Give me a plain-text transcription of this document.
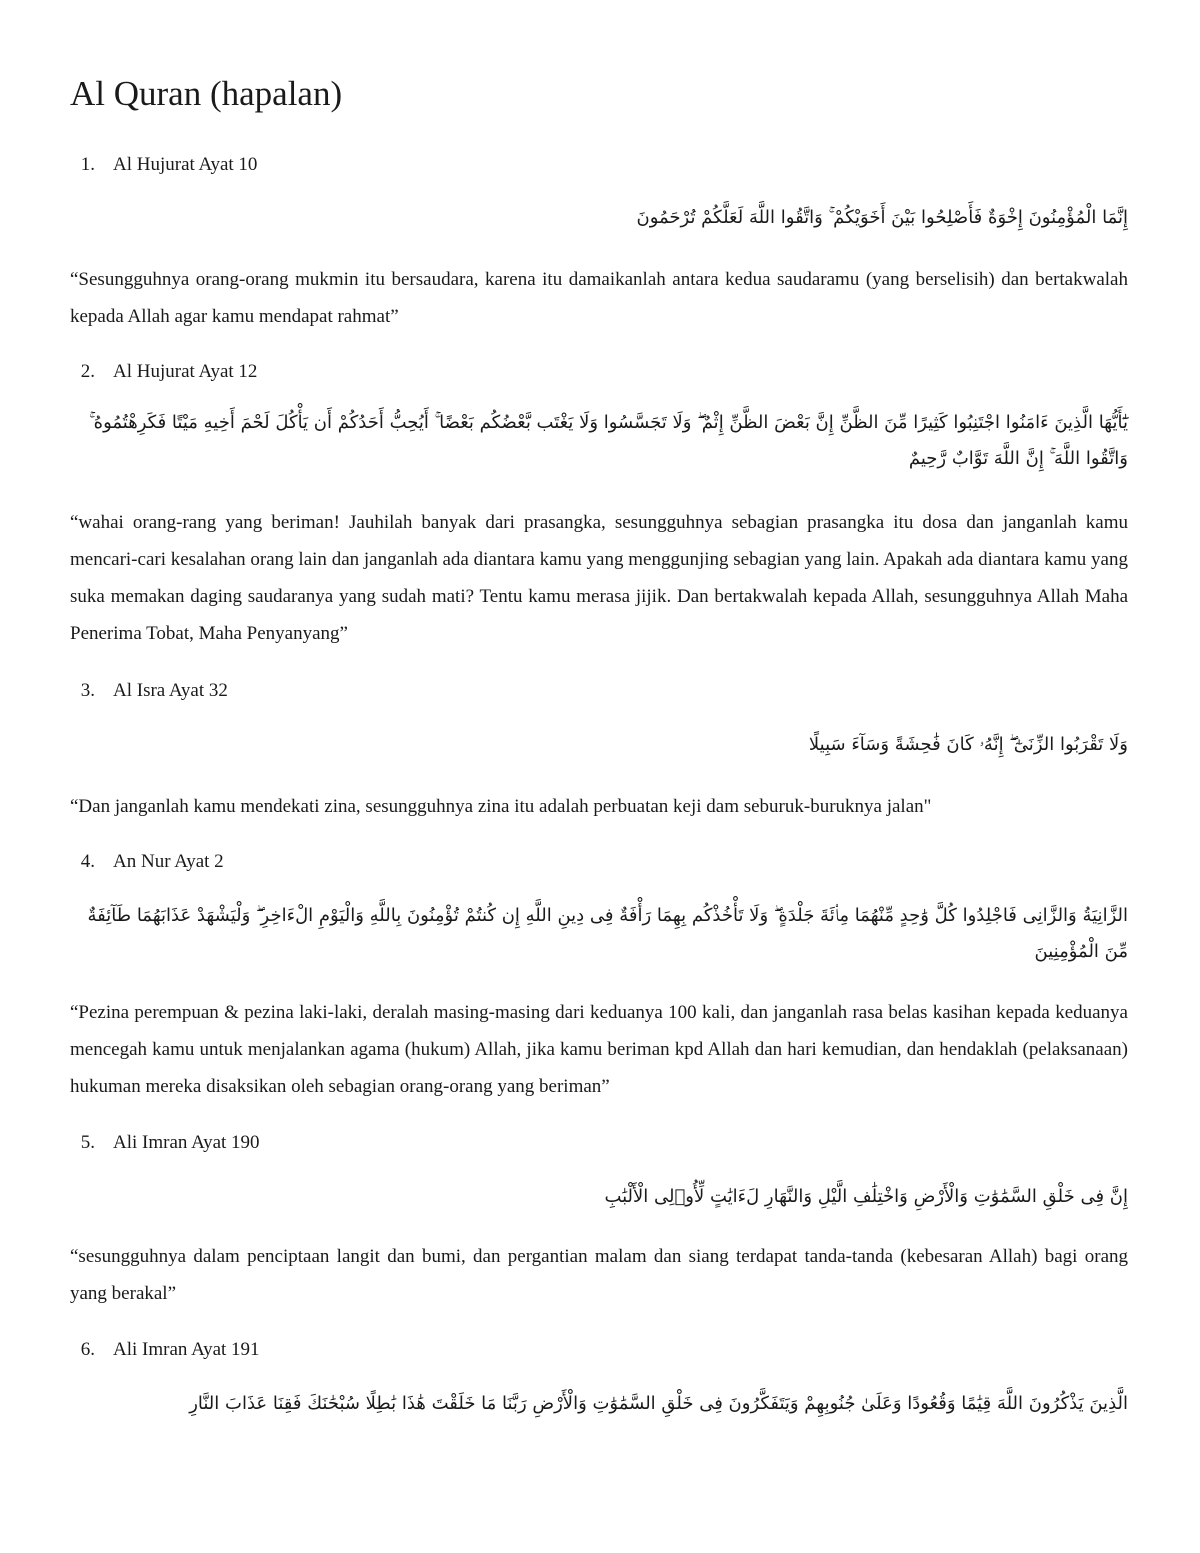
Al Quran (hapalan)
1. Al Hujurat Ayat 10

إِنَّمَا الْمُؤْمِنُونَ إِخْوَةٌ فَأَصْلِحُوا بَيْنَ أَخَوَيْكُمْ ۚ وَاتَّقُوا اللَّهَ لَعَلَّكُمْ تُرْحَمُونَ

“Sesungguhnya orang-orang mukmin itu bersaudara, karena itu damaikanlah antara kedua saudaramu (yang berselisih) dan bertakwalah kepada Allah agar kamu mendapat rahmat”

2. Al Hujurat Ayat 12

يَٰٓأَيُّهَا الَّذِينَ ءَامَنُوا اجْتَنِبُوا كَثِيرًا مِّنَ الظَّنِّ إِنَّ بَعْضَ الظَّنِّ إِثْمٌ ۖ وَلَا تَجَسَّسُوا وَلَا يَغْتَب بَّعْضُكُم بَعْضًا ۚ أَيُحِبُّ أَحَدُكُمْ أَن يَأْكُلَ لَحْمَ أَخِيهِ مَيْتًا فَكَرِهْتُمُوهُ ۚ وَاتَّقُوا اللَّهَ ۚ إِنَّ اللَّهَ تَوَّابٌ رَّحِيمٌ

“wahai orang-rang yang beriman! Jauhilah banyak dari prasangka, sesungguhnya sebagian prasangka itu dosa dan janganlah kamu mencari-cari kesalahan orang lain dan janganlah ada diantara kamu yang menggunjing sebagian yang lain. Apakah ada diantara kamu yang suka memakan daging saudaranya yang sudah mati? Tentu kamu merasa jijik. Dan bertakwalah kepada Allah, sesungguhnya Allah Maha Penerima Tobat, Maha Penyanyang”

3. Al Isra Ayat 32

وَلَا تَقْرَبُوا الزِّنَىٰٓ ۖ إِنَّهُۥ كَانَ فَٰحِشَةً وَسَآءَ سَبِيلًا

“Dan janganlah kamu mendekati zina, sesungguhnya zina itu adalah perbuatan keji dam seburuk-buruknya jalan"

4. An Nur Ayat 2

الزَّانِيَةُ وَالزَّانِى فَاجْلِدُوا كُلَّ وَٰحِدٍ مِّنْهُمَا مِا۟ئَةَ جَلْدَةٍ ۖ وَلَا تَأْخُذْكُم بِهِمَا رَأْفَةٌ فِى دِينِ اللَّهِ إِن كُنتُمْ تُؤْمِنُونَ بِاللَّهِ وَالْيَوْمِ الْءَاخِرِ ۖ وَلْيَشْهَدْ عَذَابَهُمَا طَآئِفَةٌ مِّنَ الْمُؤْمِنِينَ

“Pezina perempuan & pezina laki-laki, deralah masing-masing dari keduanya 100 kali, dan janganlah rasa belas kasihan kepada keduanya mencegah kamu untuk menjalankan agama (hukum) Allah, jika kamu beriman kpd Allah dan hari kemudian, dan hendaklah (pelaksanaan) hukuman mereka disaksikan oleh sebagian orang-orang yang beriman”

5. Ali Imran Ayat 190

إِنَّ فِى خَلْقِ السَّمَٰوَٰتِ وَالْأَرْضِ وَاخْتِلَٰفِ الَّيْلِ وَالنَّهَارِ لَءَايَٰتٍ لِّأُو۟لِى الْأَلْبَٰبِ

“sesungguhnya dalam penciptaan langit dan bumi, dan pergantian malam dan siang terdapat tanda-tanda (kebesaran Allah) bagi orang yang berakal”

6. Ali Imran Ayat 191

الَّذِينَ يَذْكُرُونَ اللَّهَ قِيَٰمًا وَقُعُودًا وَعَلَىٰ جُنُوبِهِمْ وَيَتَفَكَّرُونَ فِى خَلْقِ السَّمَٰوَٰتِ وَالْأَرْضِ رَبَّنَا مَا خَلَقْتَ هَٰذَا بَٰطِلًا سُبْحَٰنَكَ فَقِنَا عَذَابَ النَّارِ
